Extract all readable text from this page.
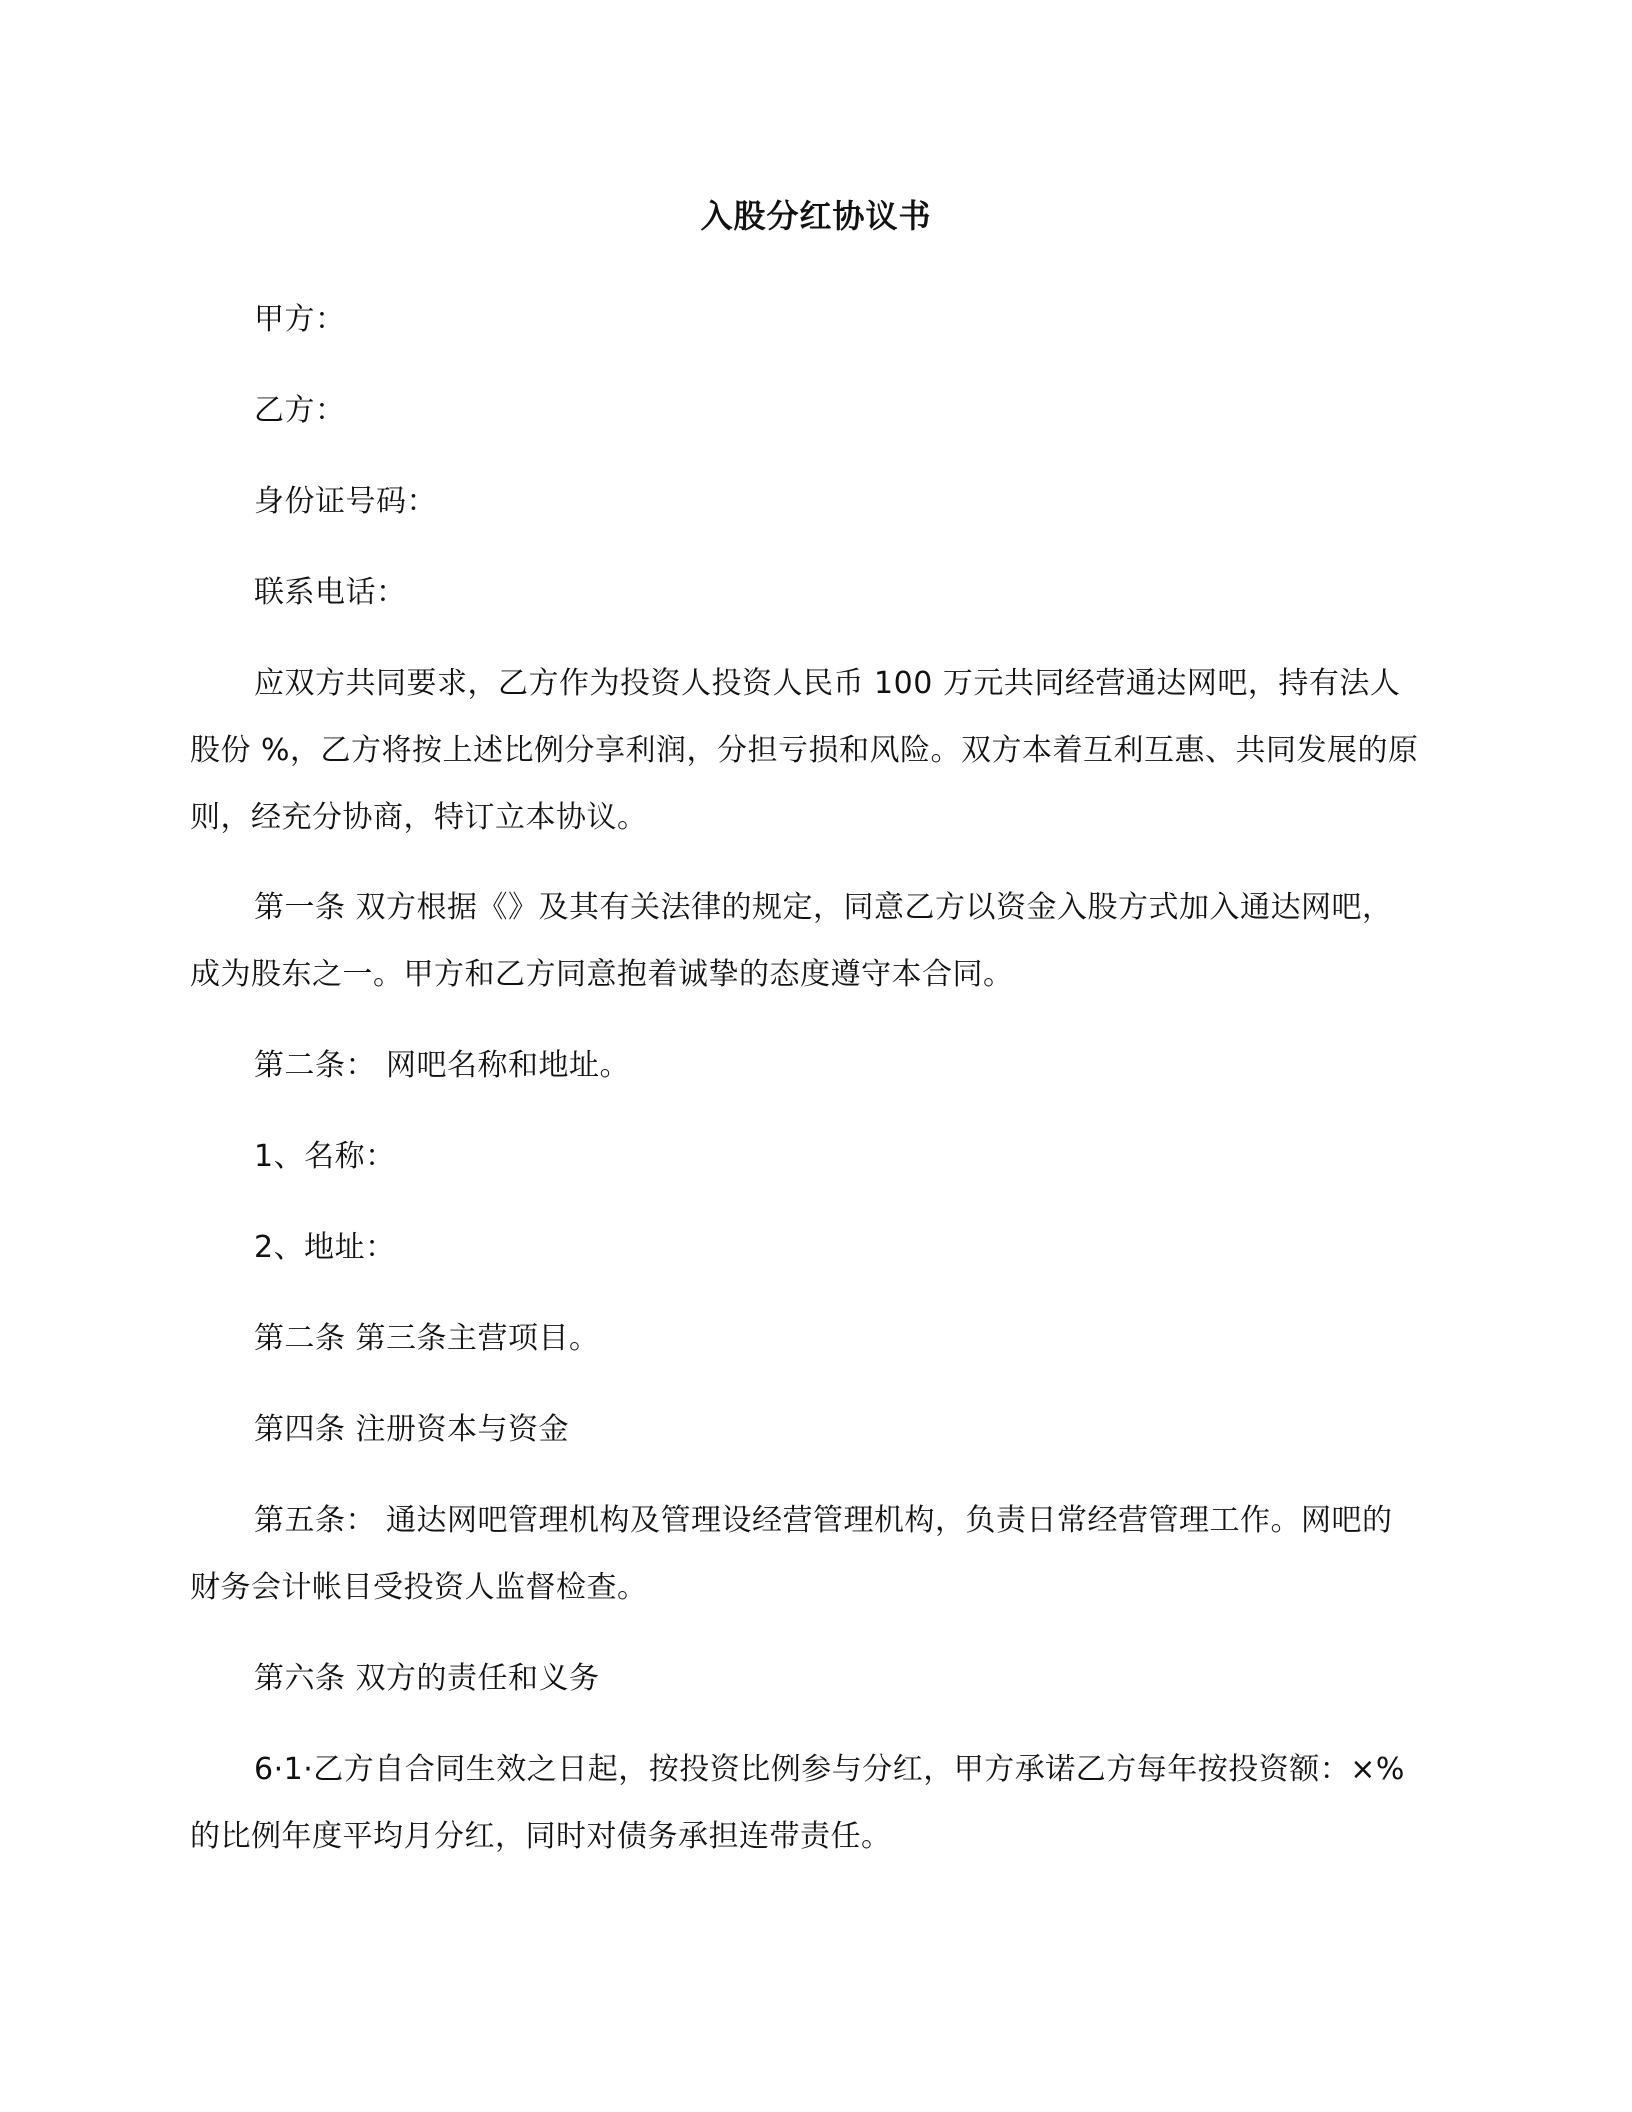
入股分红协议书

甲方：

乙方：

身份证号码：

联系电话：

应双方共同要求，乙方作为投资人投资人民币 100 万元共同经营通达网吧，持有法人股份 %，乙方将按上述比例分享利润，分担亏损和风险。双方本着互利互惠、共同发展的原则，经充分协商，特订立本协议。

第一条 双方根据《》及其有关法律的规定，同意乙方以资金入股方式加入通达网吧，成为股东之一。甲方和乙方同意抱着诚挚的态度遵守本合同。

第二条： 网吧名称和地址。

1、名称：

2、地址：

第二条 第三条主营项目。

第四条 注册资本与资金

第五条： 通达网吧管理机构及管理设经营管理机构，负责日常经营管理工作。网吧的财务会计帐目受投资人监督检查。

第六条 双方的责任和义务

6·1·乙方自合同生效之日起，按投资比例参与分红，甲方承诺乙方每年按投资额：×%的比例年度平均月分红，同时对债务承担连带责任。
